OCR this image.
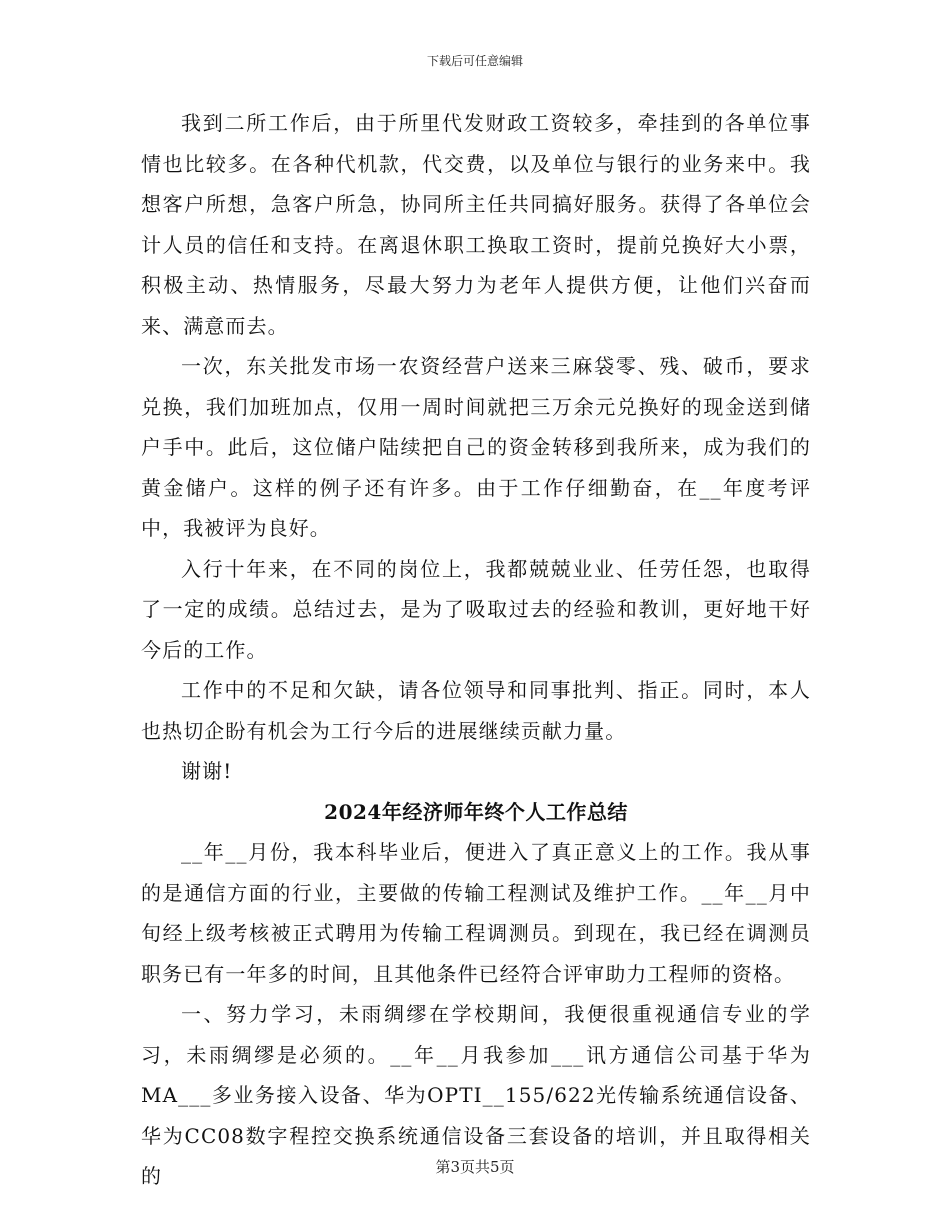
下载后可任意编辑

我到二所工作后，由于所里代发财政工资较多，牵挂到的各单位事情也比较多。在各种代机款，代交费，以及单位与银行的业务来中。我想客户所想，急客户所急，协同所主任共同搞好服务。获得了各单位会计人员的信任和支持。在离退休职工换取工资时，提前兑换好大小票，积极主动、热情服务，尽最大努力为老年人提供方便，让他们兴奋而来、满意而去。

一次，东关批发市场一农资经营户送来三麻袋零、残、破币，要求兑换，我们加班加点，仅用一周时间就把三万余元兑换好的现金送到储户手中。此后，这位储户陆续把自己的资金转移到我所来，成为我们的黄金储户。这样的例子还有许多。由于工作仔细勤奋，在__年度考评中，我被评为良好。

入行十年来，在不同的岗位上，我都兢兢业业、任劳任怨，也取得了一定的成绩。总结过去，是为了吸取过去的经验和教训，更好地干好今后的工作。

工作中的不足和欠缺，请各位领导和同事批判、指正。同时，本人也热切企盼有机会为工行今后的进展继续贡献力量。

谢谢!

2024年经济师年终个人工作总结

__年__月份，我本科毕业后，便进入了真正意义上的工作。我从事的是通信方面的行业，主要做的传输工程测试及维护工作。__年__月中旬经上级考核被正式聘用为传输工程调测员。到现在，我已经在调测员职务已有一年多的时间，且其他条件已经符合评审助力工程师的资格。

一、努力学习，未雨绸缪在学校期间，我便很重视通信专业的学习，未雨绸缪是必须的。__年__月我参加___讯方通信公司基于华为MA___多业务接入设备、华为OPTI__155/622光传输系统通信设备、华为CC08数字程控交换系统通信设备三套设备的培训，并且取得相关的	第3页共5页
